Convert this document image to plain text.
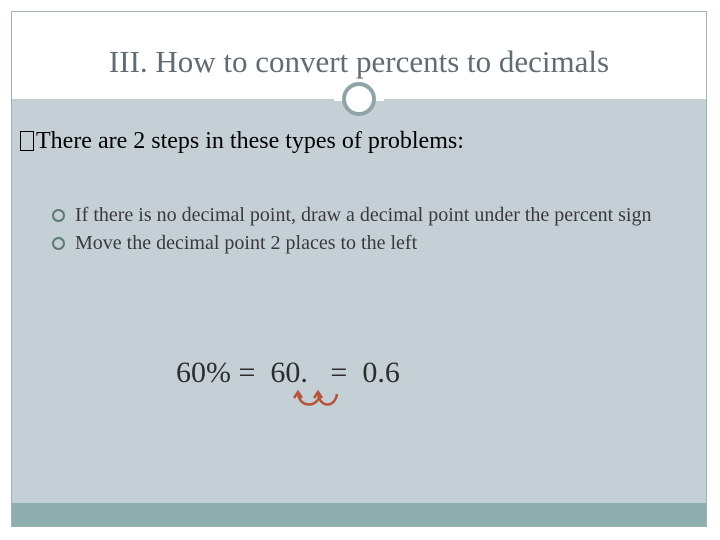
III. How to convert percents to decimals
There are 2 steps in these types of problems:
If there is no decimal point, draw a decimal point under the percent sign
Move the decimal point 2 places to the left
60% =  60.   =  0.6
